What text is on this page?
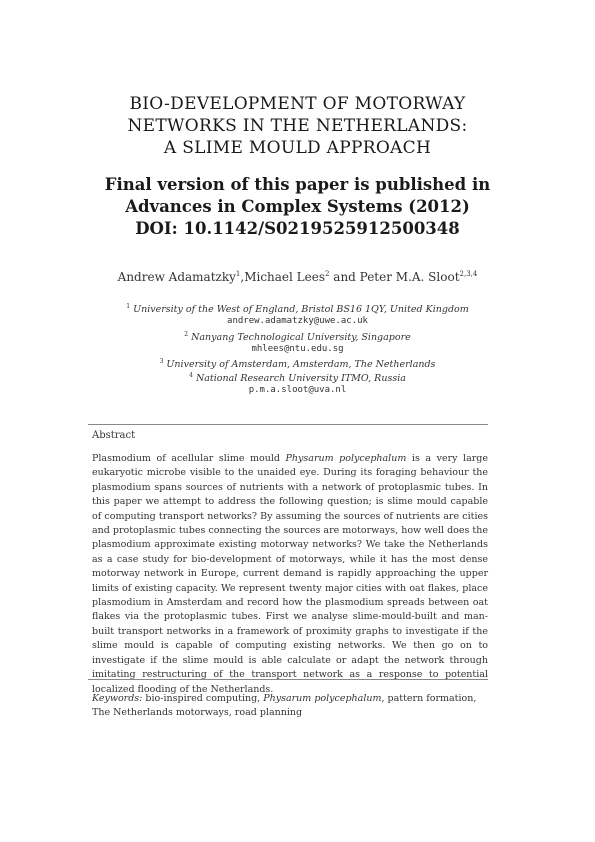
BIO-DEVELOPMENT OF MOTORWAY
NETWORKS IN THE NETHERLANDS:
A SLIME MOULD APPROACH
Final version of this paper is published in
Advances in Complex Systems (2012)
DOI: 10.1142/S0219525912500348
Andrew Adamatzky$^1$,Michael Lees$^2$ and Peter M.A. Sloot$^{2,3,4}$
$^1$ University of the West of England, Bristol BS16 1QY, United Kingdom
andrew.adamatzky@uwe.ac.uk
$^2$ Nanyang Technological University, Singapore
mhlees@ntu.edu.sg
$^3$ University of Amsterdam, Amsterdam, The Netherlands
$^4$ National Research University ITMO, Russia
p.m.a.sloot@uva.nl
Abstract
Plasmodium of acellular slime mould Physarum polycephalum is a very large eukaryotic microbe visible to the unaided eye. During its foraging behaviour the plasmodium spans sources of nutrients with a network of protoplasmic tubes. In this paper we attempt to address the following question; is slime mould capable of computing transport networks? By assuming the sources of nutrients are cities and protoplasmic tubes connecting the sources are motorways, how well does the plasmodium approximate existing motorway networks? We take the Netherlands as a case study for bio-development of motorways, while it has the most dense motorway network in Europe, current demand is rapidly approaching the upper limits of existing capacity. We represent twenty major cities with oat flakes, place plasmodium in Amsterdam and record how the plasmodium spreads between oat flakes via the protoplasmic tubes. First we analyse slime-mould-built and man-built transport networks in a framework of proximity graphs to investigate if the slime mould is capable of computing existing networks. We then go on to investigate if the slime mould is able calculate or adapt the network through imitating restructuring of the transport network as a response to potential localized flooding of the Netherlands.
Keywords: bio-inspired computing, Physarum polycephalum, pattern formation, The Netherlands motorways, road planning
